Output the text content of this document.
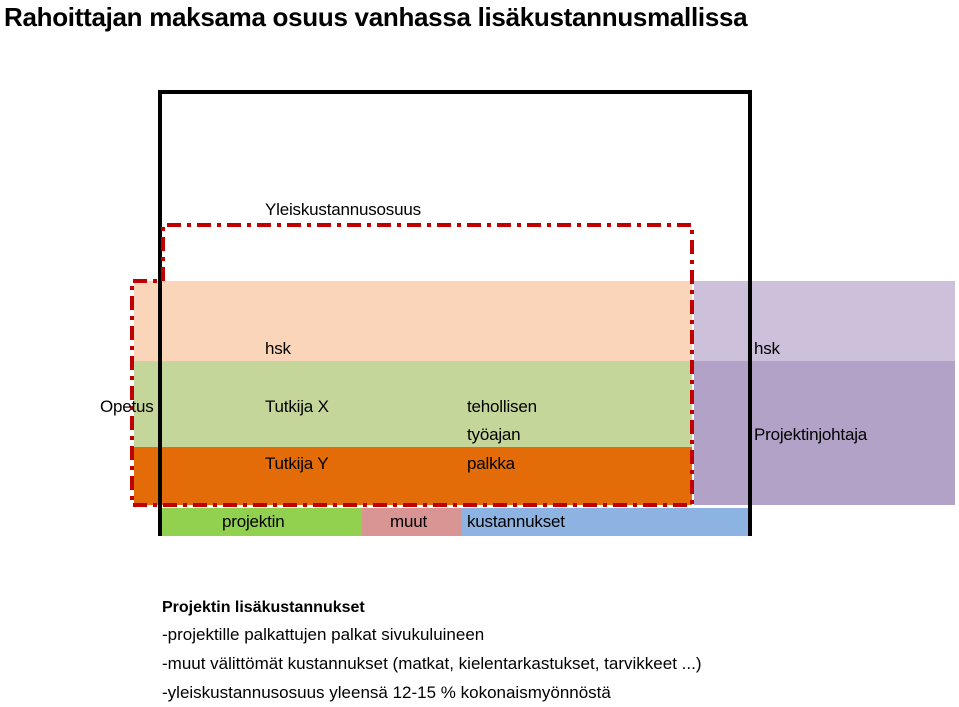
Rahoittajan maksama osuus vanhassa lisäkustannusmallissa
Yleiskustannusosuus
hsk	hsk
Opetus	Tutkija X
Tutkija Y
tehollisen
työajan
palkka
Projektinjohtaja
projektin	muut kustannukset
Projektin lisäkustannukset
-projektille palkattujen palkat sivukuluineen
-muut välittömät kustannukset (matkat, kielentarkastukset, tarvikkeet ...)
-yleiskustannusosuus yleensä 12-15 % kokonaismyönnöstä
